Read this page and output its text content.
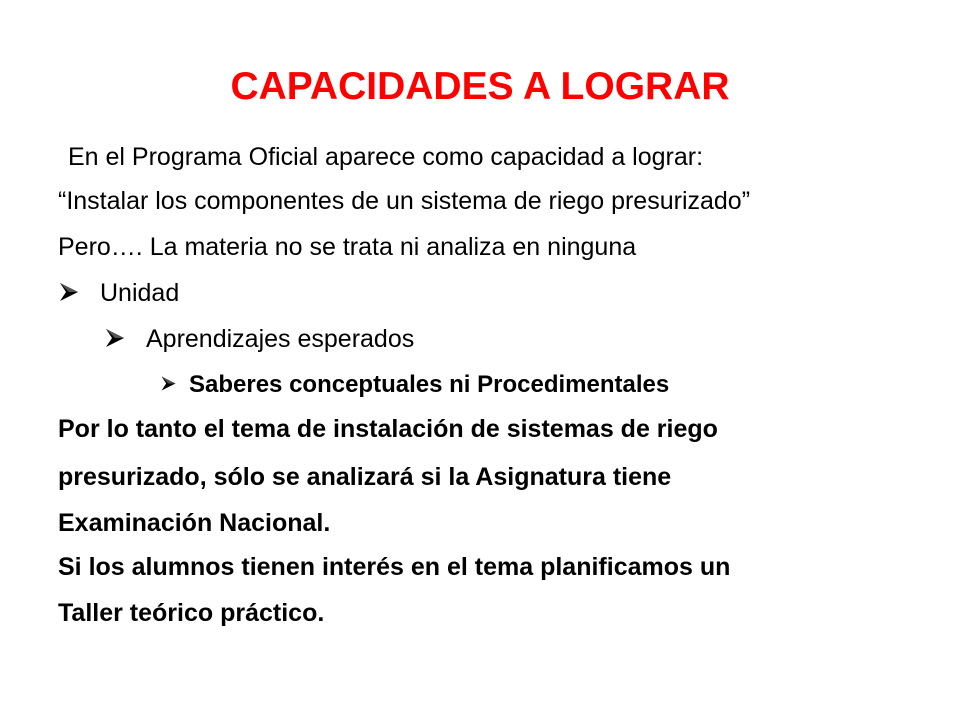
CAPACIDADES A LOGRAR
En el Programa Oficial aparece como capacidad a lograr:
“Instalar los componentes de un sistema de riego presurizado”
Pero…. La materia no se trata ni analiza en ninguna
Unidad
Aprendizajes esperados
Saberes conceptuales ni Procedimentales
Por lo tanto el tema de instalación de sistemas de riego
presurizado, sólo se analizará si la Asignatura tiene
Examinación Nacional.
Si los alumnos tienen interés en el tema planificamos un
Taller teórico práctico.
